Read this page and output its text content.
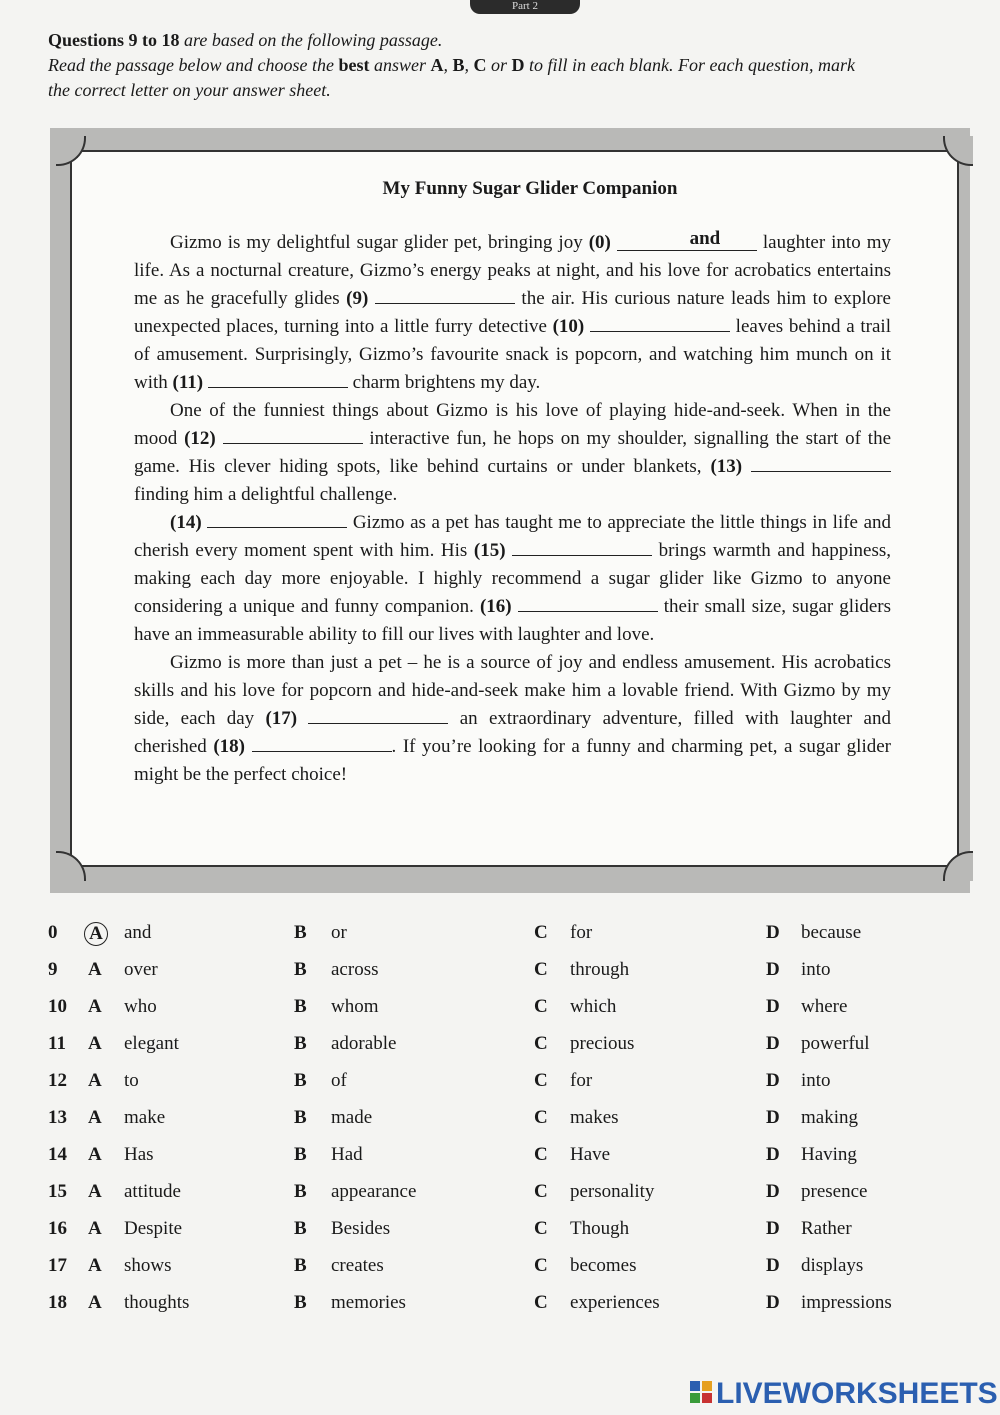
Part 2

Questions 9 to 18 are based on the following passage.

Read the passage below and choose the best answer A, B, C or D to fill in each blank. For each question, mark

the correct letter on your answer sheet.

My Funny Sugar Glider Companion

Gizmo is my delightful sugar glider pet, bringing joy (0)	and laughter into my life. As a nocturnal creature, Gizmo’s energy peaks at night, and his love for acrobatics entertains me as he gracefully glides (9)	the air. His curious nature leads him to explore unexpected places, turning into a little furry detective (10)	leaves behind a trail of amusement. Surprisingly, Gizmo’s favourite snack is popcorn, and watching him munch on it with (11)	charm brightens my day.

One of the funniest things about Gizmo is his love of playing hide-and-seek. When in the mood (12)	interactive fun, he hops on my shoulder, signalling the start of the game. His clever hiding spots, like behind curtains or under blankets, (13)  finding him a delightful challenge.

(14)	Gizmo as a pet has taught me to appreciate the little things in life and cherish every moment spent with him. His (15)	brings warmth and happiness, making each day more enjoyable. I highly recommend a sugar glider like Gizmo to anyone considering a unique and funny companion. (16)	their small size, sugar gliders have an immeasurable ability to fill our lives with laughter and love.

Gizmo is more than just a pet – he is a source of joy and endless amusement. His acrobatics skills and his love for popcorn and hide-and-seek make him a lovable friend. With Gizmo by my side, each day (17)	an extraordinary adventure, filled with laughter and cherished (18)	. If you’re looking for a funny and charming pet, a sugar glider might be the perfect choice!

0 A and	B or	C for	D because
9 A over	B across	C through	D into
10 A who	B whom	C which	D where
11 A elegant	B adorable	C precious	D powerful
12 A to	B of	C for	D into
13 A make	B made	C makes	D making
14 A Has	B Had	C Have	D Having
15 A attitude	B appearance	C personality	D presence
16 A Despite	B Besides	C Though	D Rather
17 A shows	B creates	C becomes	D displays
18 A thoughts	B memories	C experiences	D impressions
LIVEWORKSHEETS
